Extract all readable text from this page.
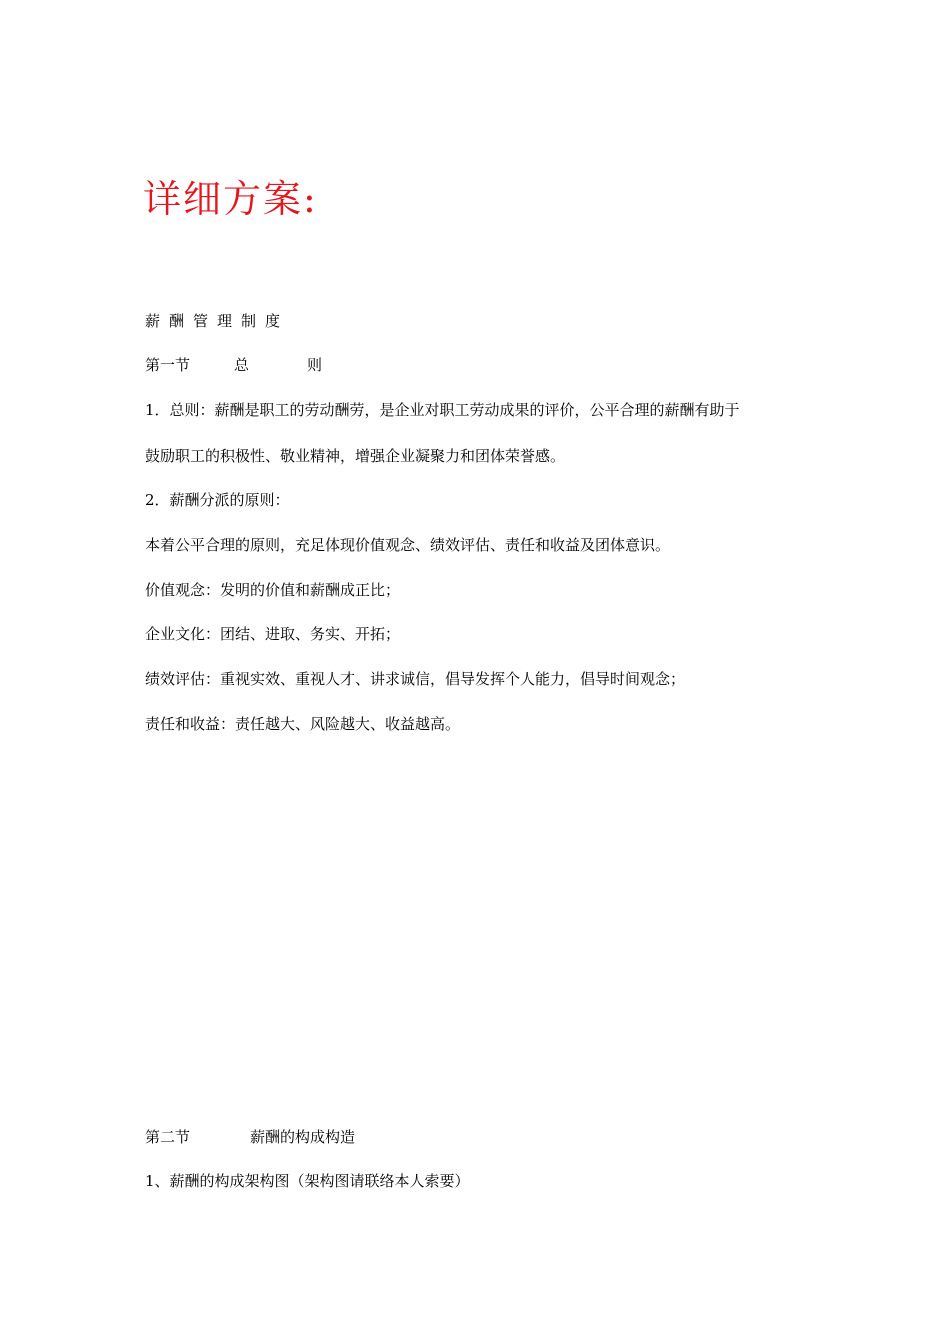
详细方案:
薪酬管理制度
第一节	总	则
1．总则：薪酬是职工的劳动酬劳，是企业对职工劳动成果的评价，公平合理的薪酬有助于
鼓励职工的积极性、敬业精神，增强企业凝聚力和团体荣誉感。
2．薪酬分派的原则：
本着公平合理的原则，充足体现价值观念、绩效评估、责任和收益及团体意识。
价值观念：发明的价值和薪酬成正比；
企业文化：团结、进取、务实、开拓；
绩效评估：重视实效、重视人才、讲求诚信，倡导发挥个人能力，倡导时间观念；
责任和收益：责任越大、风险越大、收益越高。
第二节	薪酬的构成构造
1、薪酬的构成架构图（架构图请联络本人索要）
